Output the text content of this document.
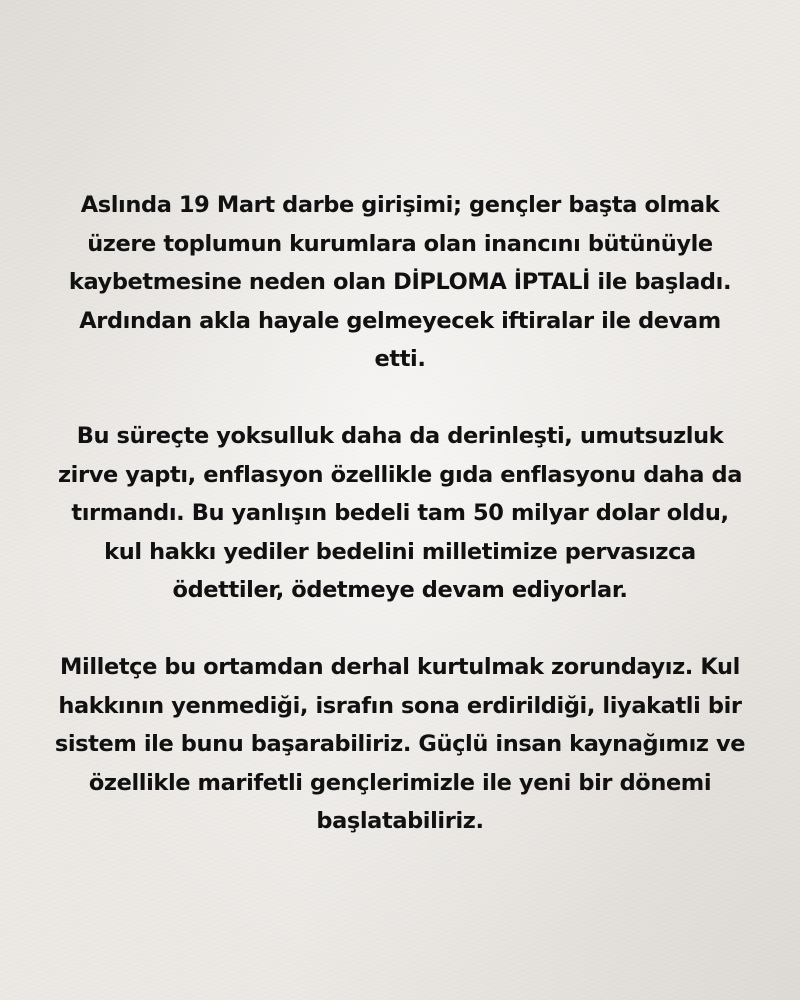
Aslında 19 Mart darbe girişimi; gençler başta olmak
üzere toplumun kurumlara olan inancını bütünüyle
kaybetmesine neden olan DİPLOMA İPTALİ ile başladı.
Ardından akla hayale gelmeyecek iftiralar ile devam
etti.

Bu süreçte yoksulluk daha da derinleşti, umutsuzluk
zirve yaptı, enflasyon özellikle gıda enflasyonu daha da
tırmandı. Bu yanlışın bedeli tam 50 milyar dolar oldu,
kul hakkı yediler bedelini milletimize pervasızca
ödettiler, ödetmeye devam ediyorlar.

Milletçe bu ortamdan derhal kurtulmak zorundayız. Kul
hakkının yenmediği, israfın sona erdirildiği, liyakatli bir
sistem ile bunu başarabiliriz. Güçlü insan kaynağımız ve
özellikle marifetli gençlerimizle ile yeni bir dönemi
başlatabiliriz.
